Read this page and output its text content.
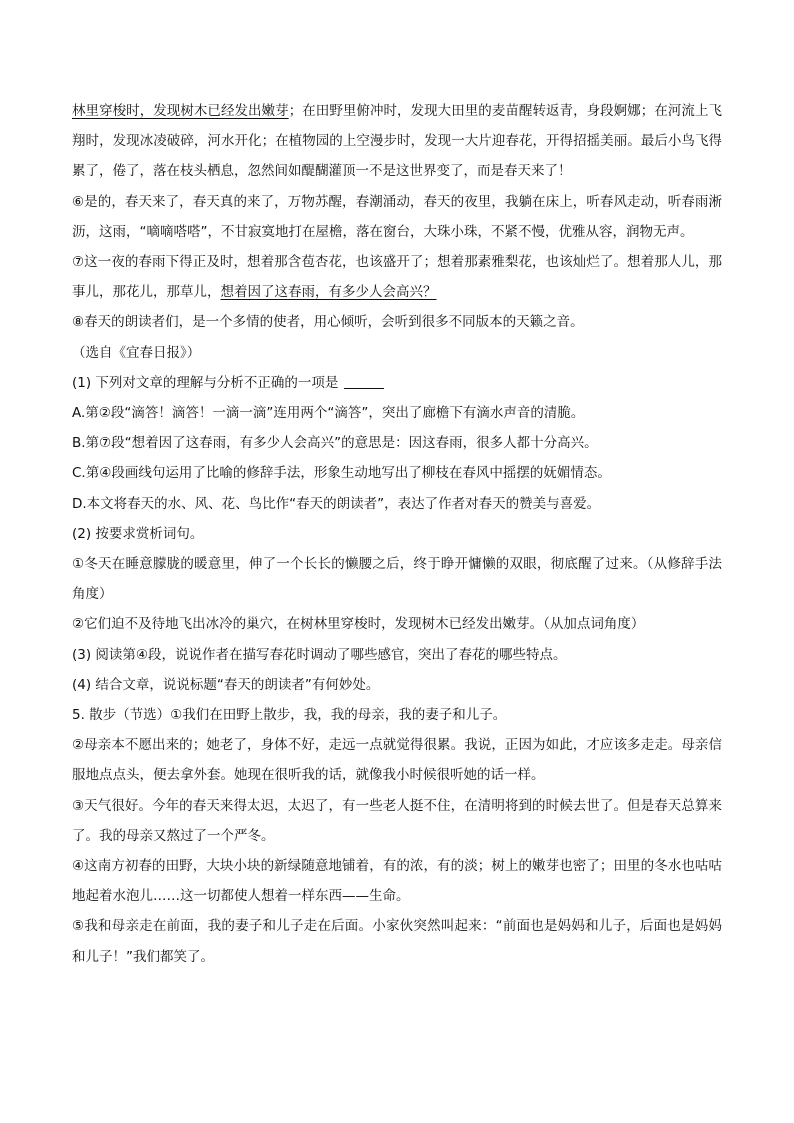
林里穿梭时，发现树木已经发出嫩芽；在田野里俯冲时，发现大田里的麦苗醒转返青，身段婀娜；在河流上飞翔时，发现冰凌破碎，河水开化；在植物园的上空漫步时，发现一大片迎春花，开得招摇美丽。最后小鸟飞得累了，倦了，落在枝头栖息，忽然间如醍醐灌顶一不是这世界变了，而是春天来了！

⑥是的，春天来了，春天真的来了，万物苏醒，春潮涌动，春天的夜里，我躺在床上，听春风走动，听春雨淅沥，这雨，“嘀嘀嗒嗒”，不甘寂寞地打在屋檐，落在窗台，大珠小珠，不紧不慢，优雅从容，润物无声。

⑦这一夜的春雨下得正及时，想着那含苞杏花，也该盛开了；想着那素雅梨花，也该灿烂了。想着那人儿，那事儿，那花儿，那草儿，想着因了这春雨，有多少人会高兴？

⑧春天的朗读者们，是一个多情的使者，用心倾听，会听到很多不同版本的天籁之音。

（选自《宜春日报》）

(1) 下列对文章的理解与分析不正确的一项是

A.第②段“滴答！滴答！一滴一滴”连用两个“滴答”，突出了廊檐下有滴水声音的清脆。

B.第⑦段“想着因了这春雨，有多少人会高兴”的意思是：因这春雨，很多人都十分高兴。

C.第④段画线句运用了比喻的修辞手法，形象生动地写出了柳枝在春风中摇摆的妩媚情态。

D.本文将春天的水、风、花、鸟比作“春天的朗读者”，表达了作者对春天的赞美与喜爱。

(2) 按要求赏析词句。

①冬天在睡意朦胧的暖意里，伸了一个长长的懒腰之后，终于睁开慵懒的双眼，彻底醒了过来。（从修辞手法角度）

②它们迫不及待地飞出冰冷的巢穴，在树林里穿梭时，发现树木已经发出嫩芽。（从加点词角度）

(3) 阅读第④段，说说作者在描写春花时调动了哪些感官，突出了春花的哪些特点。

(4) 结合文章，说说标题“春天的朗读者”有何妙处。

5. 散步（节选）①我们在田野上散步，我，我的母亲，我的妻子和儿子。

②母亲本不愿出来的；她老了，身体不好，走远一点就觉得很累。我说，正因为如此，才应该多走走。母亲信服地点点头，便去拿外套。她现在很听我的话，就像我小时候很听她的话一样。

③天气很好。今年的春天来得太迟，太迟了，有一些老人挺不住，在清明将到的时候去世了。但是春天总算来了。我的母亲又熬过了一个严冬。

④这南方初春的田野，大块小块的新绿随意地铺着，有的浓，有的淡；树上的嫩芽也密了；田里的冬水也咕咕地起着水泡儿……这一切都使人想着一样东西——生命。

⑤我和母亲走在前面，我的妻子和儿子走在后面。小家伙突然叫起来：“前面也是妈妈和儿子，后面也是妈妈和儿子！”我们都笑了。
